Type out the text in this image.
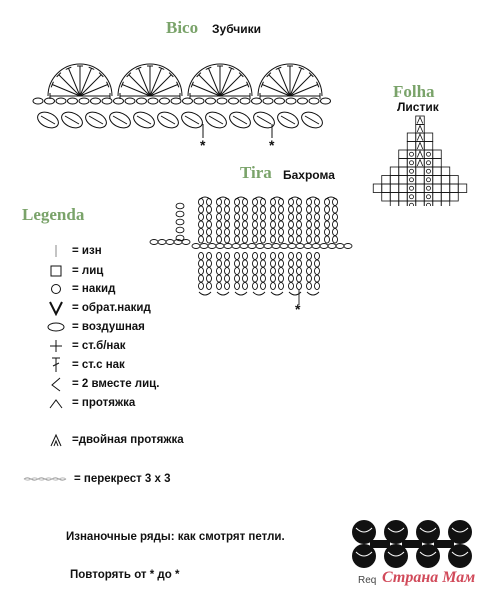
Bico Зубчики
*	*
Folha
Листик
Tira Бахрома
*
Legenda
= изн
= лиц
= накид
= обрат.накид
= воздушная
= ст.б/нак
= ст.с нак
= 2 вместе лиц.
= протяжка
=двойная протяжка
= перекрест 3 х 3
Изнаночные ряды: как смотрят петли.
Повторять от * до *	Req Страна Мам
